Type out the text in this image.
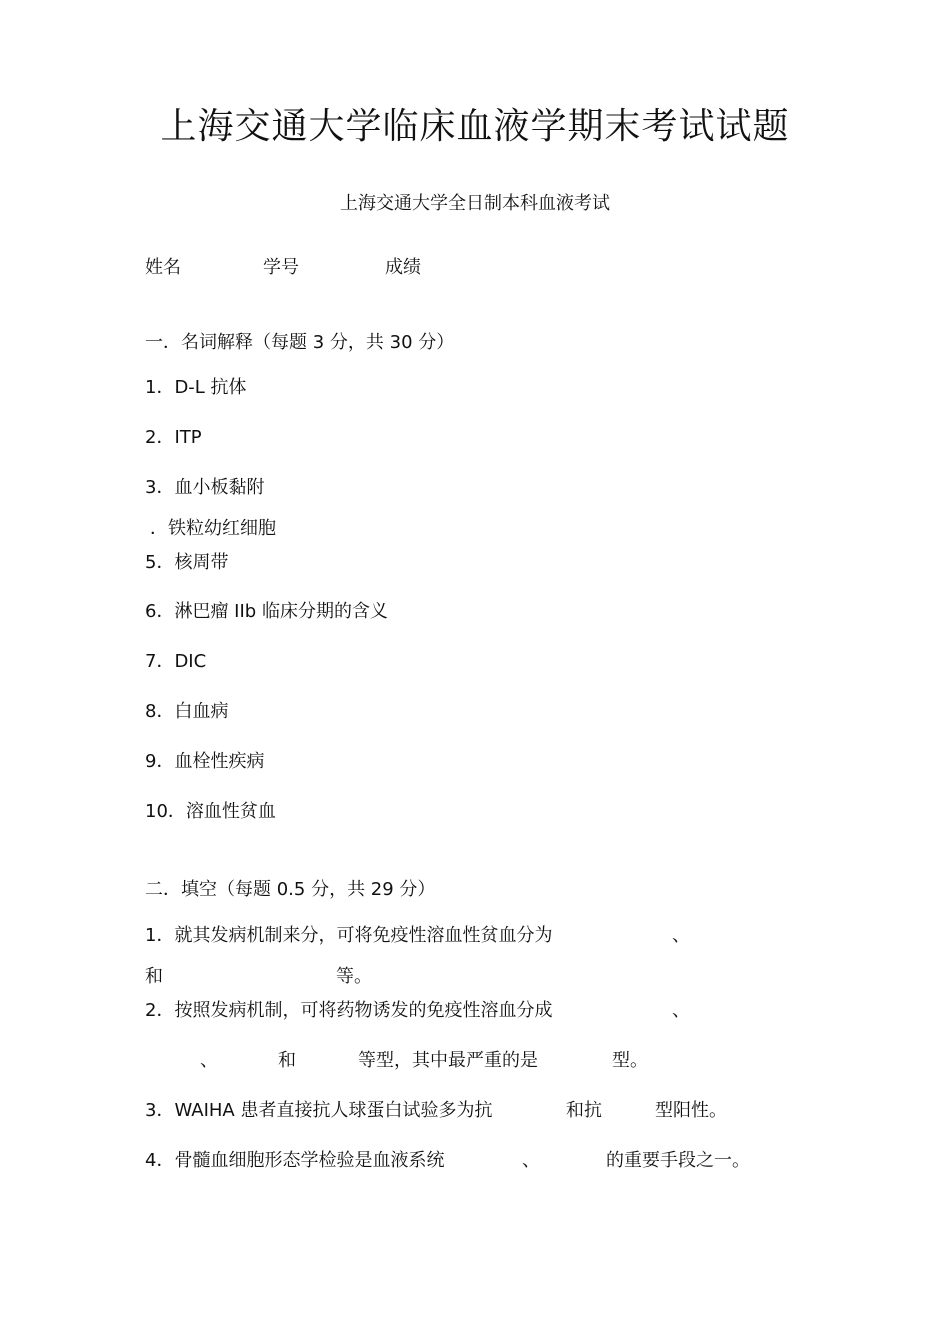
上海交通大学临床血液学期末考试试题
上海交通大学全日制本科血液考试
姓名	学号	成绩
一．名词解释（每题 3 分，共 30 分）
1．D-L 抗体
2．ITP
3．血小板黏附
．铁粒幼红细胞
5．核周带
6．淋巴瘤 IIb 临床分期的含义
7．DIC
8．白血病
9．血栓性疾病
10．溶血性贫血
二．填空（每题 0.5 分，共 29 分）
1．就其发病机制来分，可将免疫性溶血性贫血分为	、
和	等。
2．按照发病机制，可将药物诱发的免疫性溶血分成	、
、	和	等型，其中最严重的是	型。
3．WAIHA 患者直接抗人球蛋白试验多为抗	和抗	型阳性。
4．骨髓血细胞形态学检验是血液系统	、	的重要手段之一。
